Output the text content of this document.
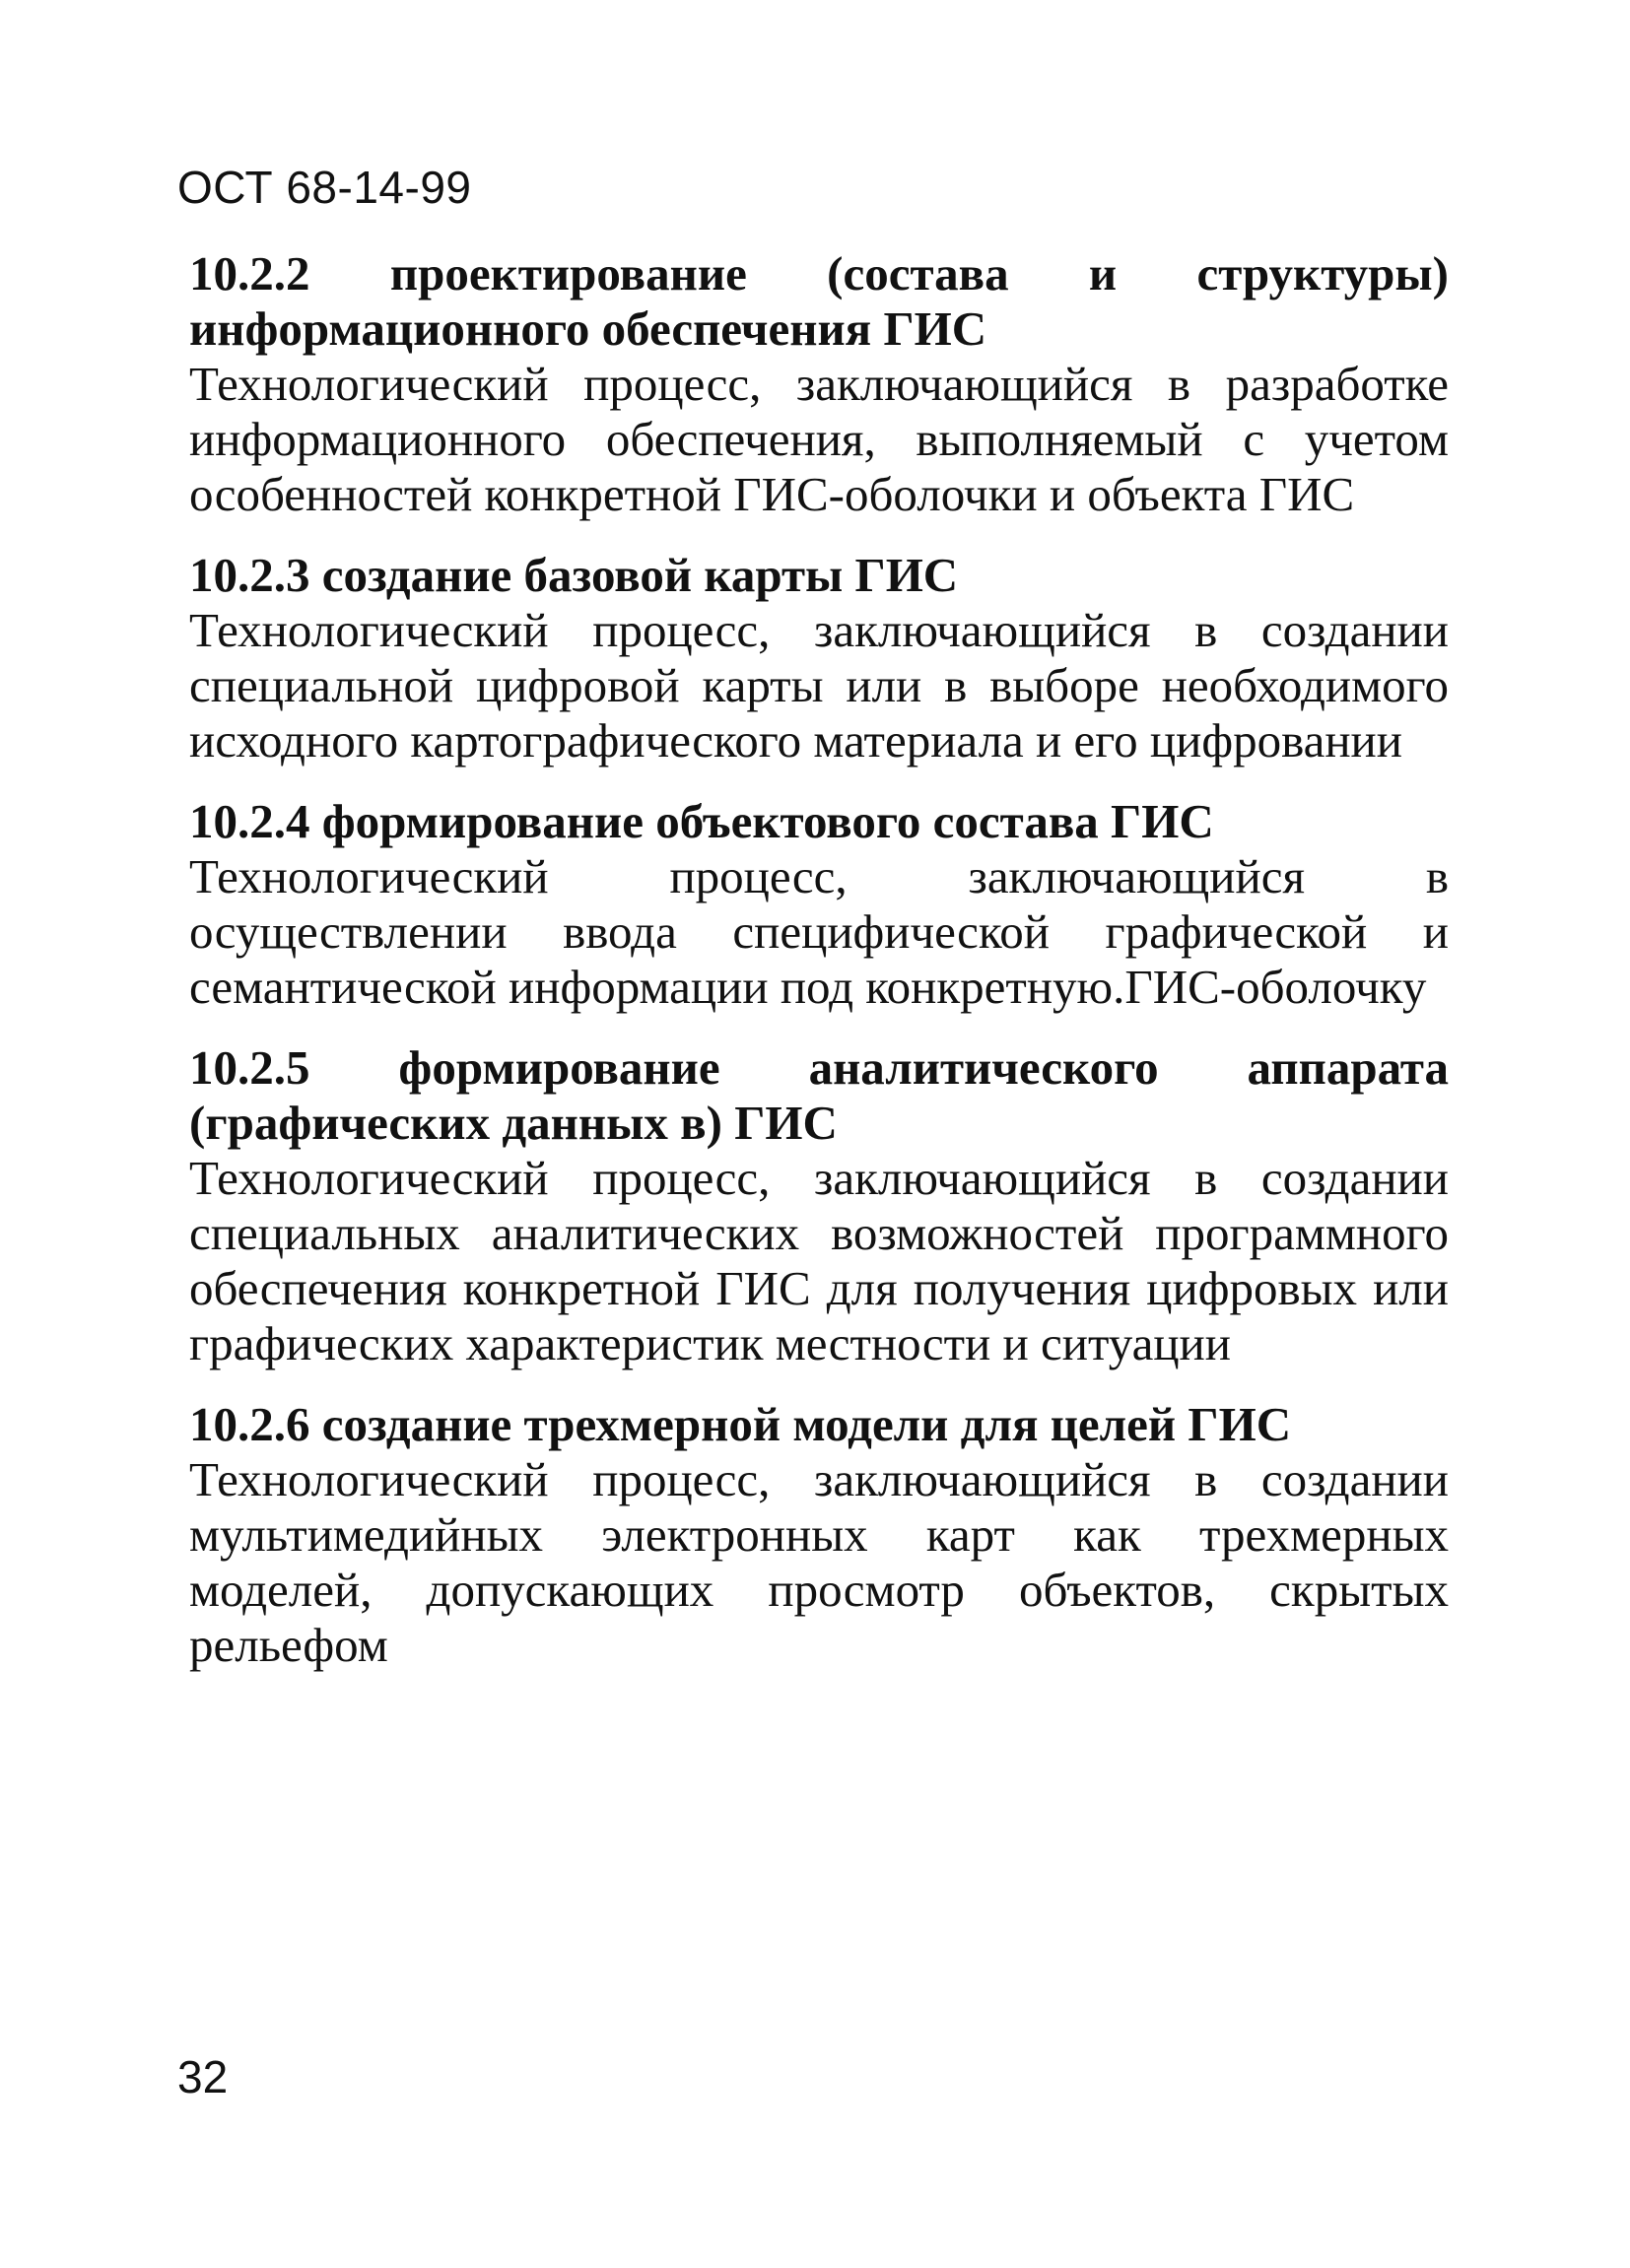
ОСТ 68-14-99
10.2.2 проектирование (состава и структуры) информационного обеспечения ГИС
Технологический процесс, заключающийся в разработке информационного обеспечения, выполняемый с учетом особенностей конкретной ГИС-оболочки и объекта ГИС
10.2.3 создание базовой карты ГИС
Технологический процесс, заключающийся в создании специальной цифровой карты или в выборе необходимого исходного картографического материала и его цифровании
10.2.4 формирование объектового состава ГИС
Технологический процесс, заключающийся в осуществлении ввода специфической графической и семантической информации под конкретную.ГИС-оболочку
10.2.5 формирование аналитического аппарата (графических данных в) ГИС
Технологический процесс, заключающийся в создании специальных аналитических возможностей программного обеспечения конкретной ГИС для получения цифровых или графических характеристик местности и ситуации
10.2.6 создание трехмерной модели для целей ГИС
Технологический процесс, заключающийся в создании мультимедийных электронных карт как трехмерных моделей, допускающих просмотр объектов, скрытых рельефом
32
